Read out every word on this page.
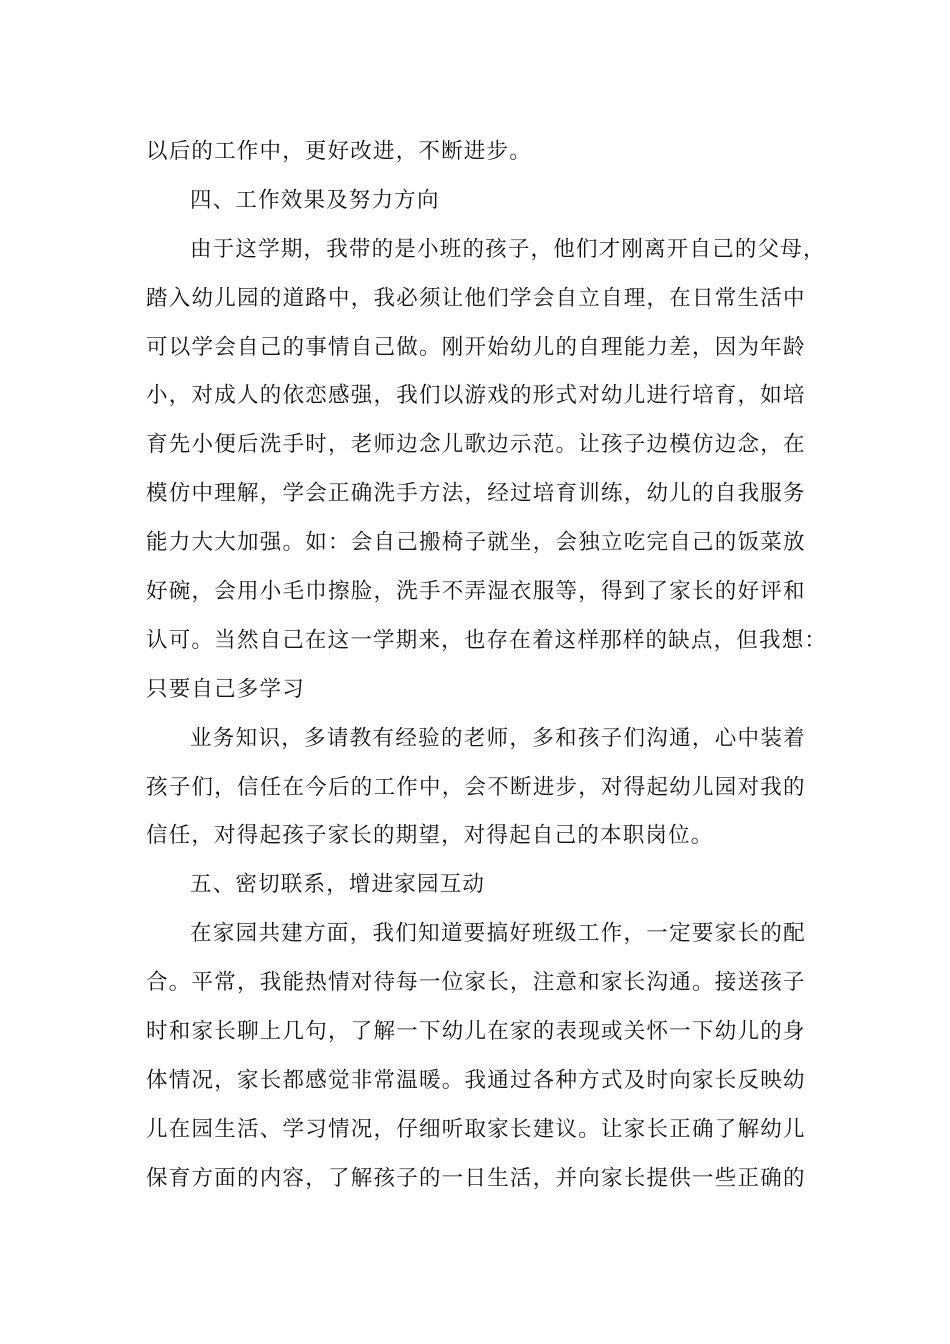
以后的工作中，更好改进，不断进步。
四、工作效果及努力方向
由 于 这 学 期 ， 我 带 的 是 小 班 的 孩 子 ， 他 们 才 刚 离 开 自 己 的 父 母 ，
踏 入 幼 儿 园 的 道 路 中 ， 我 必 须 让 他 们 学 会 自 立 自 理 ， 在 日 常 生 活 中
可 以 学 会 自 己 的 事 情 自 己 做 。 刚 开 始 幼 儿 的 自 理 能 力 差 ， 因 为 年 龄
小 ， 对 成 人 的 依 恋 感 强 ， 我 们 以 游 戏 的 形 式 对 幼 儿 进 行 培 育 ， 如 培
育 先 小 便 后 洗 手 时 ， 老 师 边 念 儿 歌 边 示 范 。 让 孩 子 边 模 仿 边 念 ， 在
模 仿 中 理 解 ， 学 会 正 确 洗 手 方 法 ， 经 过 培 育 训 练 ， 幼 儿 的 自 我 服 务
能 力 大 大 加 强 。 如 ： 会 自 己 搬 椅 子 就 坐 ， 会 独 立 吃 完 自 己 的 饭 菜 放
好 碗 ， 会 用 小 毛 巾 擦 脸 ， 洗 手 不 弄 湿 衣 服 等 ， 得 到 了 家 长 的 好 评 和
认 可 。 当 然 自 己 在 这 一 学 期 来 ， 也 存 在 着 这 样 那 样 的 缺 点 ， 但 我 想 ：
只要自己多学习
业 务 知 识 ， 多 请 教 有 经 验 的 老 师 ， 多 和 孩 子 们 沟 通 ， 心 中 装 着
孩 子 们 ， 信 任 在 今 后 的 工 作 中 ， 会 不 断 进 步 ， 对 得 起 幼 儿 园 对 我 的
信任，对得起孩子家长的期望，对得起自己的本职岗位。
五、密切联系，增进家园互动
在 家 园 共 建 方 面 ， 我 们 知 道 要 搞 好 班 级 工 作 ， 一 定 要 家 长 的 配
合 。 平 常 ， 我 能 热 情 对 待 每 一 位 家 长 ， 注 意 和 家 长 沟 通 。 接 送 孩 子
时 和 家 长 聊 上 几 句 ， 了 解 一 下 幼 儿 在 家 的 表 现 或 关 怀 一 下 幼 儿 的 身
体 情 况 ， 家 长 都 感 觉 非 常 温 暖 。 我 通 过 各 种 方 式 及 时 向 家 长 反 映 幼
儿 在 园 生 活 、 学 习 情 况 ， 仔 细 听 取 家 长 建 议 。 让 家 长 正 确 了 解 幼 儿
保 育 方 面 的 内 容 ， 了 解 孩 子 的 一 日 生 活 ， 并 向 家 长 提 供 一 些 正 确 的
